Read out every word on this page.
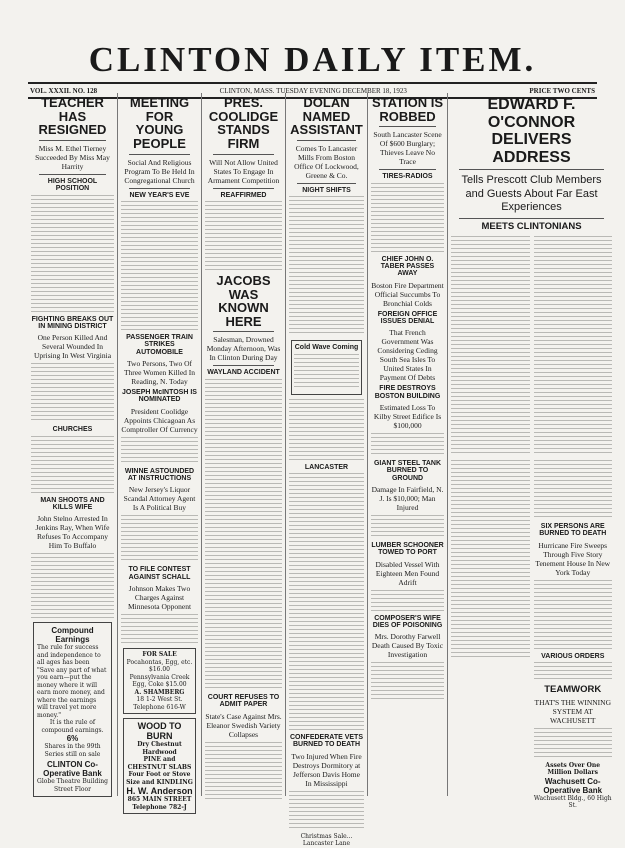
CLINTON DAILY ITEM.
VOL. XXXII. NO. 128	CLINTON, MASS. TUESDAY EVENING DECEMBER 18, 1923	PRICE TWO CENTS
TEACHER HAS RESIGNED
Miss M. Ethel Tierney Succeeded By Miss May Harrity
HIGH SCHOOL POSITION
FIGHTING BREAKS OUT IN MINING DISTRICT
One Person Killed And Several Wounded In Uprising In West Virginia
CHURCHES
MAN SHOOTS AND KILLS WIFE
John Stelno Arrested In Jenkins Ray, When Wife Refuses To Accompany Him To Buffalo
Compound Earnings
The rule for success and independence to all ages has been "Save any part of what you earn—put the money where it will earn more money, and where the earnings will travel yet more money."
It is the rule of compound earnings.
6%
Shares in the 99th Series still on sale
CLINTON Co-Operative Bank
Globe Theatre Building Street Floor
MEETING FOR YOUNG PEOPLE
Social And Religious Program To Be Held In Congregational Church
NEW YEAR'S EVE
PASSENGER TRAIN STRIKES AUTOMOBILE
Two Persons, Two Of Three Women Killed In Reading, N. Today
JOSEPH McINTOSH IS NOMINATED
President Coolidge Appoints Chicagoan As Comptroller Of Currency
WINNE ASTOUNDED AT INSTRUCTIONS
New Jersey's Liquor Scandal Attorney Agent Is A Political Buy
TO FILE CONTEST AGAINST SCHALL
Johnson Makes Two Charges Against Minnesota Opponent
FOR SALE
Pocahontas, Egg, etc. $16.00
Pennsylvania Creek Egg, Coke $15.00
A. SHAMBERG
18 1-2 West St. Telephone 616-W
WOOD TO BURN
Dry Chestnut Hardwood
PINE and CHESTNUT SLABS
Four Foot or Stove Size and KINDLING
H. W. Anderson
865 MAIN STREET
Telephone 782-J
PRES. COOLIDGE STANDS FIRM
Will Not Allow United States To Engage In Armament Competition
REAFFIRMED
JACOBS WAS KNOWN HERE
Salesman, Drowned Monday Afternoon, Was In Clinton During Day
WAYLAND ACCIDENT
COURT REFUSES TO ADMIT PAPER
State's Case Against Mrs. Eleanor Swedish Variety Collapses
DOLAN NAMED ASSISTANT
Comes To Lancaster Mills From Boston Office Of Lockwood, Greene & Co.
NIGHT SHIFTS
Cold Wave Coming
LANCASTER
CONFEDERATE VETS BURNED TO DEATH
Two Injured When Fire Destroys Dormitory at Jefferson Davis Home In Mississippi
Christmas Sale... Lancaster Lane
STATION IS ROBBED
South Lancaster Scene Of $600 Burglary; Thieves Leave No Trace
TIRES-RADIOS
CHIEF JOHN O. TABER PASSES AWAY
Boston Fire Department Official Succumbs To Bronchial Colds
FOREIGN OFFICE ISSUES DENIAL
That French Government Was Considering Ceding South Sea Isles To United States In Payment Of Debts
FIRE DESTROYS BOSTON BUILDING
Estimated Loss To Kilby Street Edifice Is $100,000
GIANT STEEL TANK BURNED TO GROUND
Damage In Fairfield, N. J. Is $10,000; Man Injured
LUMBER SCHOONER TOWED TO PORT
Disabled Vessel With Eighteen Men Found Adrift
COMPOSER'S WIFE DIES OF POISONING
Mrs. Dorothy Farwell Death Caused By Toxic Investigation
EDWARD F. O'CONNOR DELIVERS ADDRESS
Tells Prescott Club Members and Guests About Far East Experiences
MEETS CLINTONIANS
SIX PERSONS ARE BURNED TO DEATH
Hurricane Fire Sweeps Through Five Story Tenement House In New York Today
VARIOUS ORDERS
TEAMWORK
THAT'S THE WINNING SYSTEM AT WACHUSETT
Assets Over One Million Dollars
Wachusett Co-Operative Bank
Wachusett Bldg., 60 High St.
